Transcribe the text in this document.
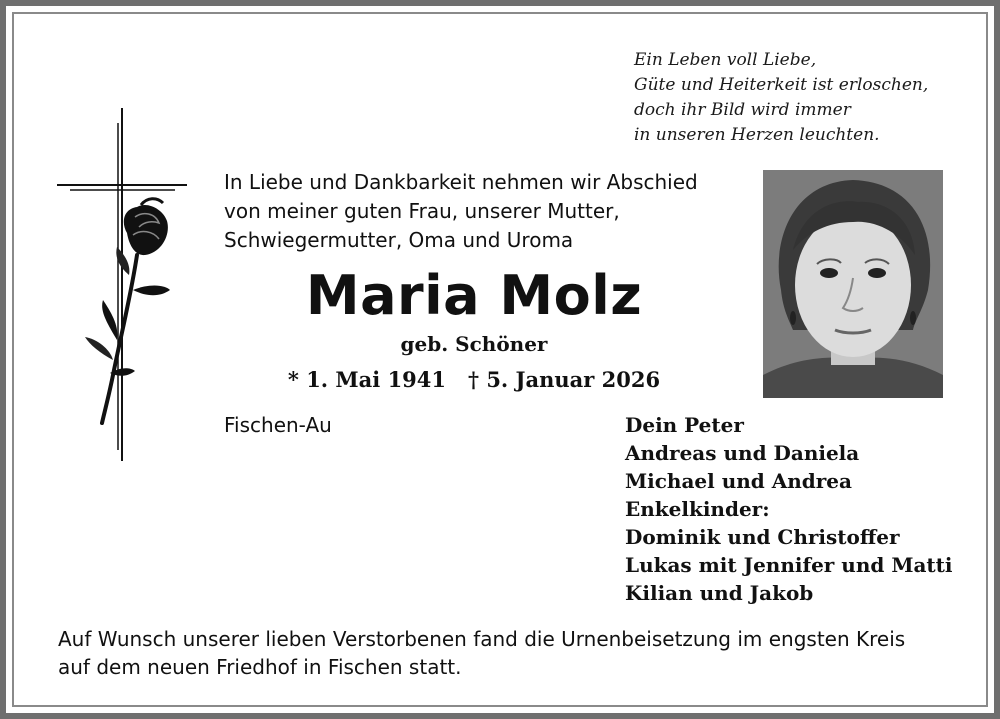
Ein Leben voll Liebe,
Güte und Heiterkeit ist erloschen,
doch ihr Bild wird immer
in unseren Herzen leuchten.
In Liebe und Dankbarkeit nehmen wir Abschied
von meiner guten Frau, unserer Mutter,
Schwiegermutter, Oma und Uroma
Maria Molz
geb. Schöner
* 1. Mai 1941 † 5. Januar 2026
Fischen-Au	Dein Peter
Andreas und Daniela
Michael und Andrea
Enkelkinder:
Dominik und Christoffer
Lukas mit Jennifer und Matti
Kilian und Jakob
Auf Wunsch unserer lieben Verstorbenen fand die Urnenbeisetzung im engsten Kreis
auf dem neuen Friedhof in Fischen statt.
